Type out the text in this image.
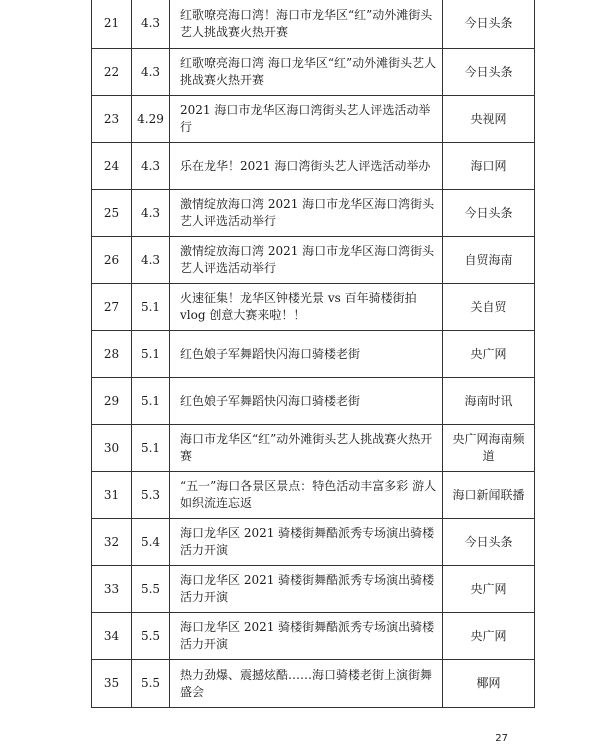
21	4.3	红歌嘹亮海口湾！海口市龙华区“红”动外滩街头艺人挑战赛火热开赛	今日头条
22	4.3	红歌嘹亮海口湾 海口龙华区“红”动外滩街头艺人挑战赛火热开赛	今日头条
23	4.29	2021 海口市龙华区海口湾街头艺人评选活动举行	央视网
24	4.3	乐在龙华！2021 海口湾街头艺人评选活动举办	海口网
25	4.3	激情绽放海口湾 2021 海口市龙华区海口湾街头艺人评选活动举行	今日头条
26	4.3	激情绽放海口湾 2021 海口市龙华区海口湾街头艺人评选活动举行	自贸海南
27	5.1	火速征集！龙华区钟楼光景 vs 百年骑楼街拍 vlog 创意大赛来啦！！	关自贸
28	5.1	红色娘子军舞蹈快闪海口骑楼老街	央广网
29	5.1	红色娘子军舞蹈快闪海口骑楼老街	海南时讯
30	5.1	海口市龙华区“红”动外滩街头艺人挑战赛火热开赛	央广网海南频道
31	5.3	“五一”海口各景区景点：特色活动丰富多彩 游人如织流连忘返	海口新闻联播
32	5.4	海口龙华区 2021 骑楼街舞酷派秀专场演出骑楼活力开演	今日头条
33	5.5	海口龙华区 2021 骑楼街舞酷派秀专场演出骑楼活力开演	央广网
34	5.5	海口龙华区 2021 骑楼街舞酷派秀专场演出骑楼活力开演	央广网
35	5.5	热力劲爆、震撼炫酷……海口骑楼老街上演街舞盛会	椰网
27
